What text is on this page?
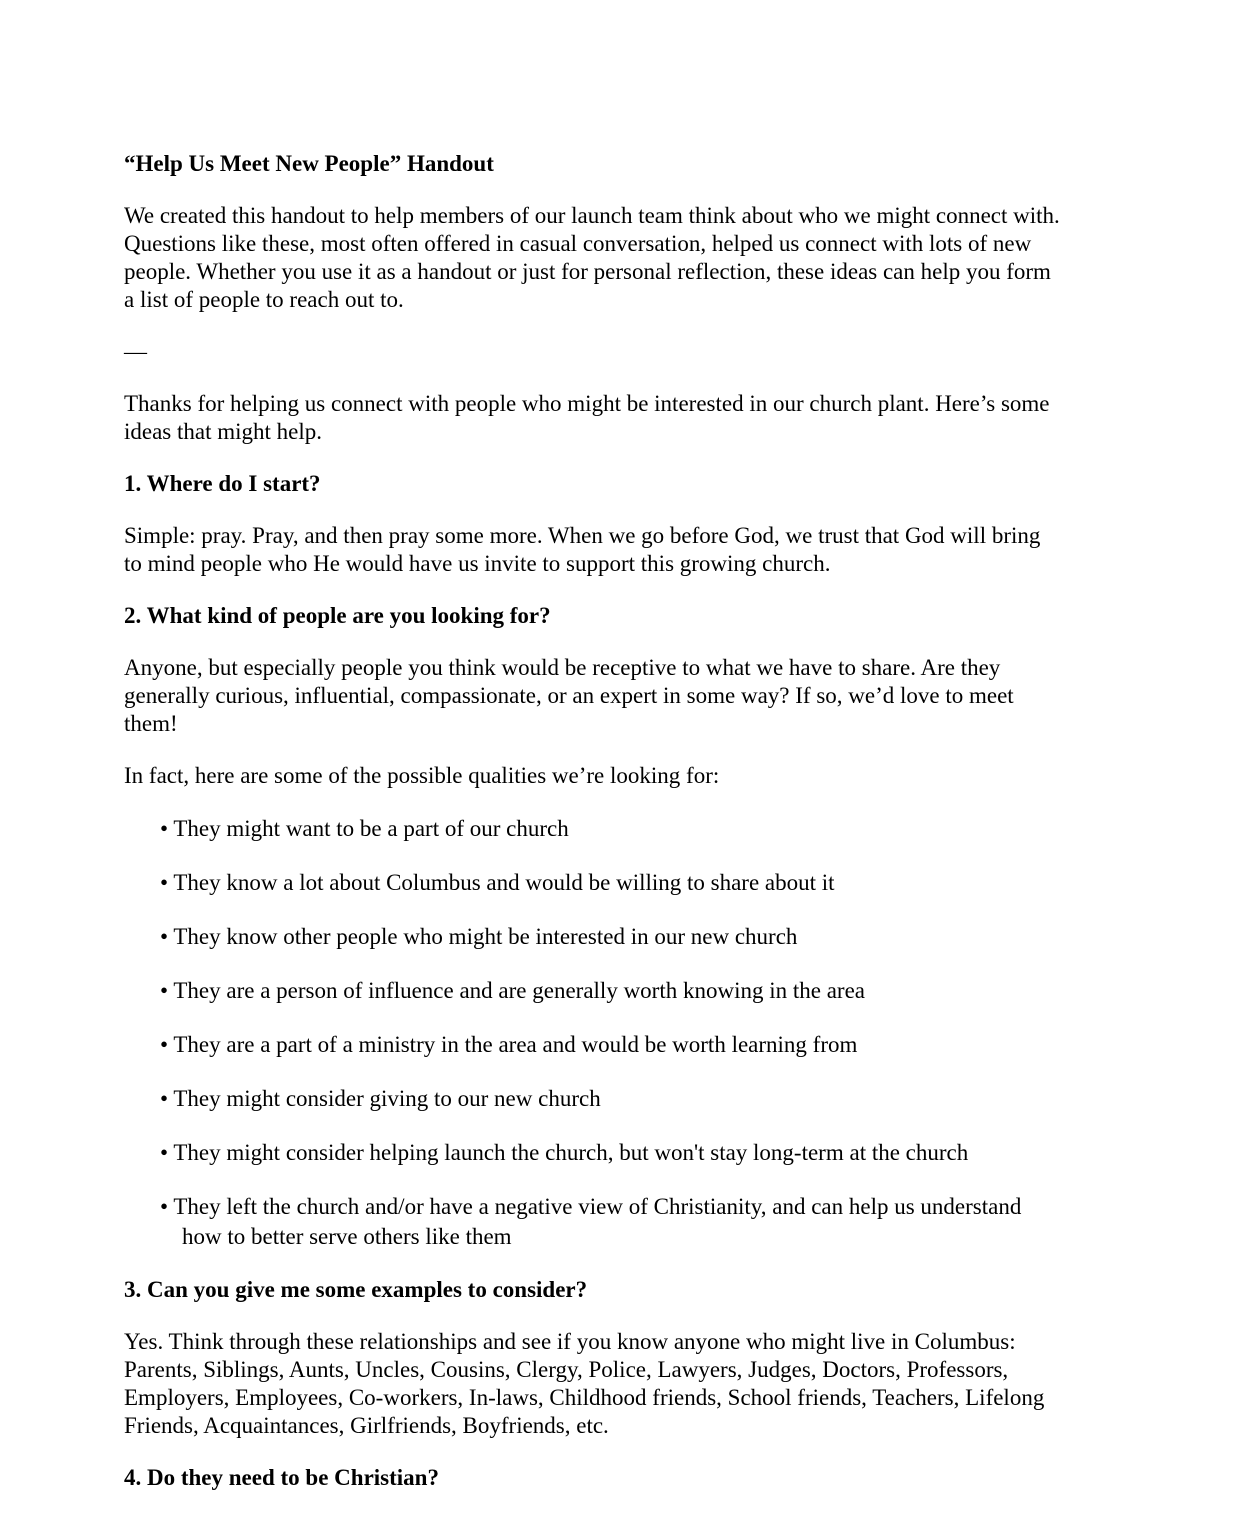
“Help Us Meet New People” Handout
We created this handout to help members of our launch team think about who we might connect with. Questions like these, most often offered in casual conversation, helped us connect with lots of new people. Whether you use it as a handout or just for personal reflection, these ideas can help you form a list of people to reach out to.
—
Thanks for helping us connect with people who might be interested in our church plant. Here’s some ideas that might help.
1. Where do I start?
Simple: pray. Pray, and then pray some more. When we go before God, we trust that God will bring to mind people who He would have us invite to support this growing church.
2. What kind of people are you looking for?
Anyone, but especially people you think would be receptive to what we have to share. Are they generally curious, influential, compassionate, or an expert in some way? If so, we’d love to meet them!
In fact, here are some of the possible qualities we’re looking for:
• They might want to be a part of our church
• They know a lot about Columbus and would be willing to share about it
• They know other people who might be interested in our new church
• They are a person of influence and are generally worth knowing in the area
• They are a part of a ministry in the area and would be worth learning from
• They might consider giving to our new church
• They might consider helping launch the church, but won't stay long-term at the church
• They left the church and/or have a negative view of Christianity, and can help us understand
how to better serve others like them
3. Can you give me some examples to consider?
Yes. Think through these relationships and see if you know anyone who might live in Columbus: Parents, Siblings, Aunts, Uncles, Cousins, Clergy, Police, Lawyers, Judges, Doctors, Professors, Employers, Employees, Co-workers, In-laws, Childhood friends, School friends, Teachers, Lifelong Friends, Acquaintances, Girlfriends, Boyfriends, etc.
4. Do they need to be Christian?
